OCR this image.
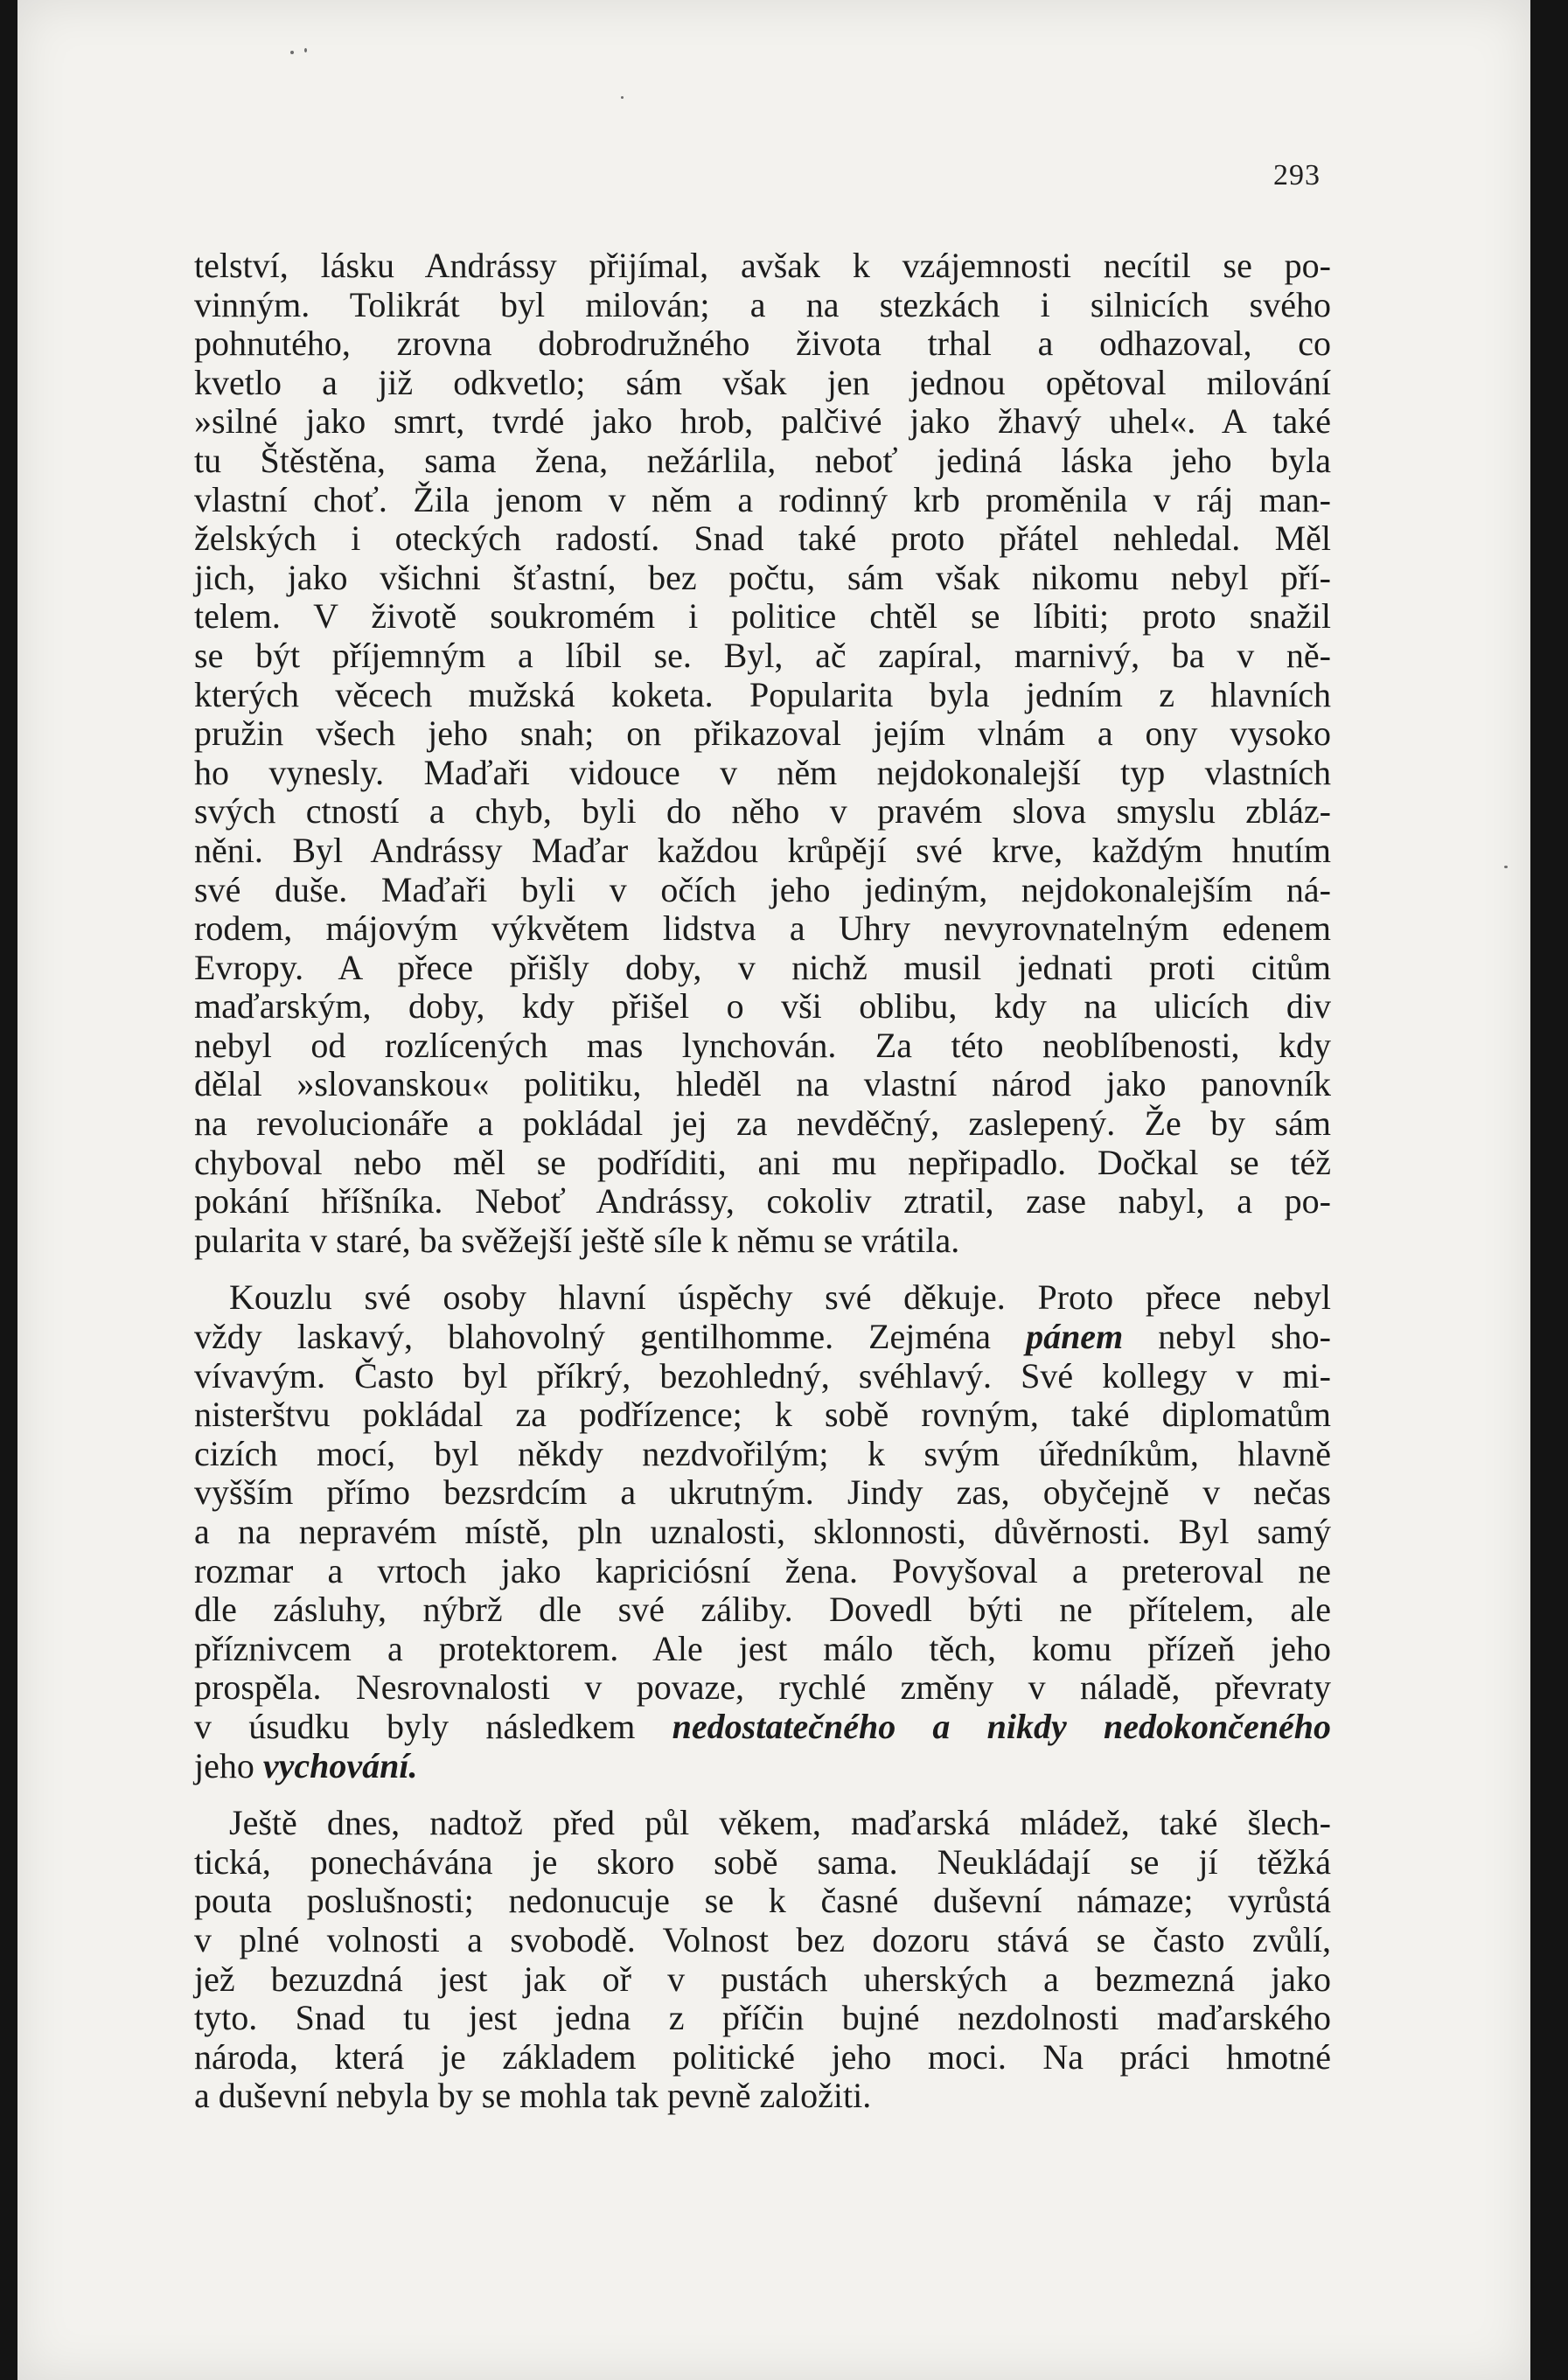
293
telství, lásku Andrássy přijímal, avšak k vzájemnosti necítil se po-
vinným. Tolikrát byl milován; a na stezkách i silnicích svého
pohnutého, zrovna dobrodružného života trhal a odhazoval, co
kvetlo a již odkvetlo; sám však jen jednou opětoval milování
»silné jako smrt, tvrdé jako hrob, palčivé jako žhavý uhel«. A také
tu Štěstěna, sama žena, nežárlila, neboť jediná láska jeho byla
vlastní choť. Žila jenom v něm a rodinný krb proměnila v ráj man-
želských i oteckých radostí. Snad také proto přátel nehledal. Měl
jich, jako všichni šťastní, bez počtu, sám však nikomu nebyl pří-
telem. V životě soukromém i politice chtěl se líbiti; proto snažil
se být příjemným a líbil se. Byl, ač zapíral, marnivý, ba v ně-
kterých věcech mužská koketa. Popularita byla jedním z hlavních
pružin všech jeho snah; on přikazoval jejím vlnám a ony vysoko
ho vynesly. Maďaři vidouce v něm nejdokonalejší typ vlastních
svých ctností a chyb, byli do něho v pravém slova smyslu zbláz-
něni. Byl Andrássy Maďar každou krůpějí své krve, každým hnutím
své duše. Maďaři byli v očích jeho jediným, nejdokonalejším ná-
rodem, májovým výkvětem lidstva a Uhry nevyrovnatelným edenem
Evropy. A přece přišly doby, v nichž musil jednati proti citům
maďarským, doby, kdy přišel o vši oblibu, kdy na ulicích div
nebyl od rozlícených mas lynchován. Za této neoblíbenosti, kdy
dělal »slovanskou« politiku, hleděl na vlastní národ jako panovník
na revolucionáře a pokládal jej za nevděčný, zaslepený. Že by sám
chyboval nebo měl se podříditi, ani mu nepřipadlo. Dočkal se též
pokání hříšníka. Neboť Andrássy, cokoliv ztratil, zase nabyl, a po-
pularita v staré, ba svěžejší ještě síle k němu se vrátila.
Kouzlu své osoby hlavní úspěchy své děkuje. Proto přece nebyl
vždy laskavý, blahovolný gentilhomme. Zejména pánem nebyl sho-
vívavým. Často byl příkrý, bezohledný, svéhlavý. Své kollegy v mi-
nisterštvu pokládal za podřízence; k sobě rovným, také diplomatům
cizích mocí, byl někdy nezdvořilým; k svým úředníkům, hlavně
vyšším přímo bezsrdcím a ukrutným. Jindy zas, obyčejně v nečas
a na nepravém místě, pln uznalosti, sklonnosti, důvěrnosti. Byl samý
rozmar a vrtoch jako kapriciósní žena. Povyšoval a preteroval ne
dle zásluhy, nýbrž dle své záliby. Dovedl býti ne přítelem, ale
příznivcem a protektorem. Ale jest málo těch, komu přízeň jeho
prospěla. Nesrovnalosti v povaze, rychlé změny v náladě, převraty
v úsudku byly následkem nedostatečného a nikdy nedokončeného
jeho vychování.
Ještě dnes, nadtož před půl věkem, maďarská mládež, také šlech-
tická, ponechávána je skoro sobě sama. Neukládají se jí těžká
pouta poslušnosti; nedonucuje se k časné duševní námaze; vyrůstá
v plné volnosti a svobodě. Volnost bez dozoru stává se často zvůlí,
jež bezuzdná jest jak oř v pustách uherských a bezmezná jako
tyto. Snad tu jest jedna z příčin bujné nezdolnosti maďarského
národa, která je základem politické jeho moci. Na práci hmotné
a duševní nebyla by se mohla tak pevně založiti.
